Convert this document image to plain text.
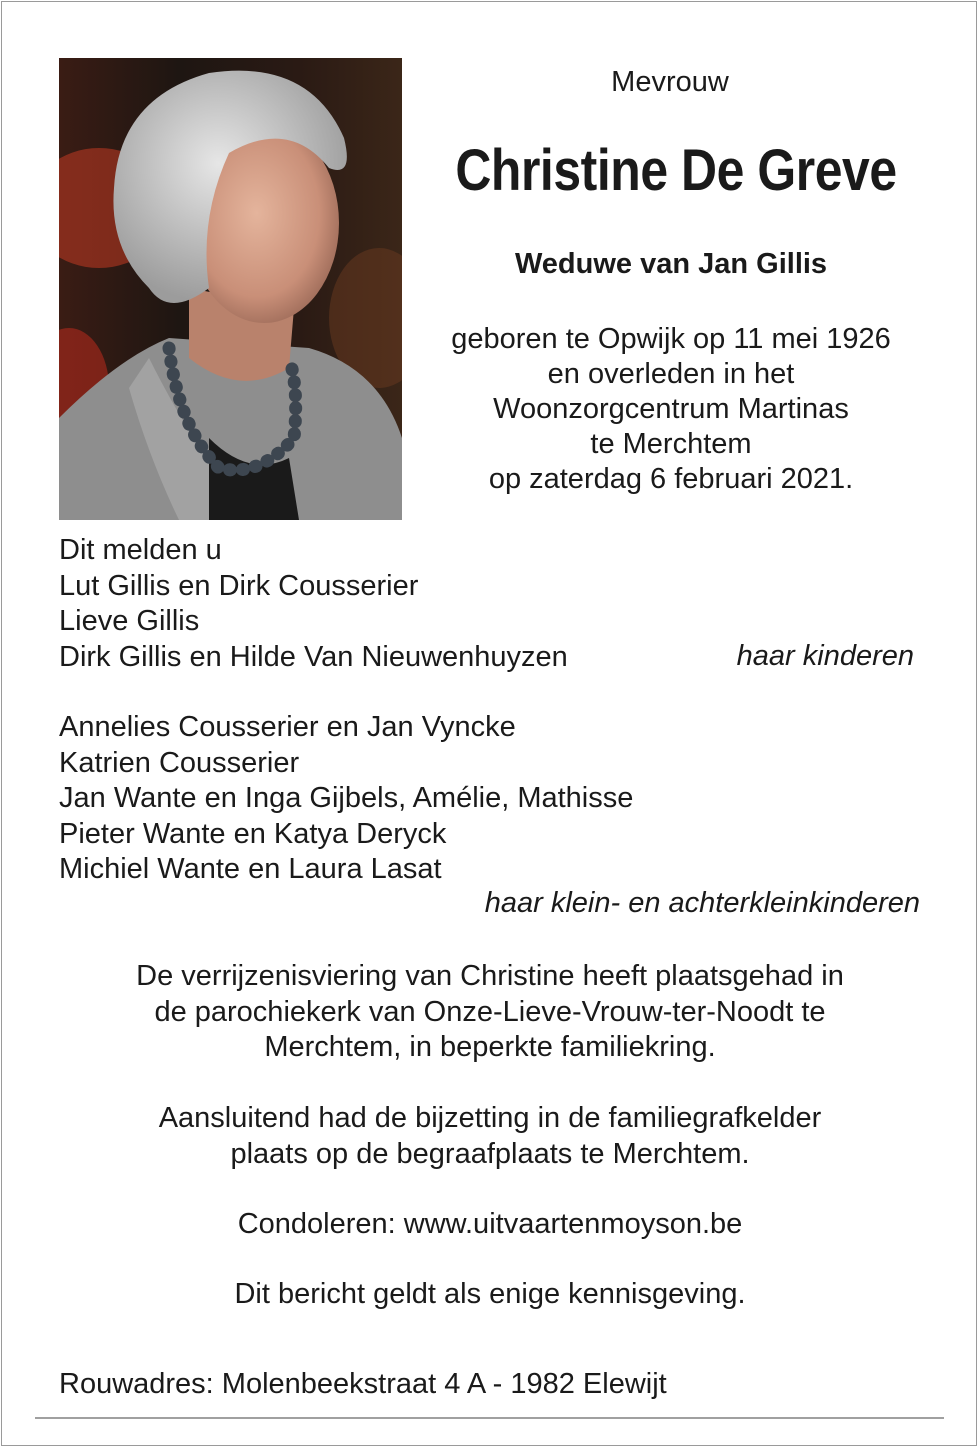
Mevrouw
Christine De Greve
Weduwe van Jan Gillis
geboren te Opwijk op 11 mei 1926
en overleden in het
Woonzorgcentrum Martinas
te Merchtem
op zaterdag 6 februari 2021.
Dit melden u
Lut Gillis en Dirk Cousserier
Lieve Gillis
Dirk Gillis en Hilde Van Nieuwenhuyzen	haar kinderen
Annelies Cousserier en Jan Vyncke
Katrien Cousserier
Jan Wante en Inga Gijbels, Amélie, Mathisse
Pieter Wante en Katya Deryck
Michiel Wante en Laura Lasat
haar klein- en achterkleinkinderen
De verrijzenisviering van Christine heeft plaatsgehad in
de parochiekerk van Onze-Lieve-Vrouw-ter-Noodt te
Merchtem, in beperkte familiekring.
Aansluitend had de bijzetting in de familiegrafkelder
plaats op de begraafplaats te Merchtem.
Condoleren: www.uitvaartenmoyson.be
Dit bericht geldt als enige kennisgeving.
Rouwadres: Molenbeekstraat 4 A - 1982 Elewijt
